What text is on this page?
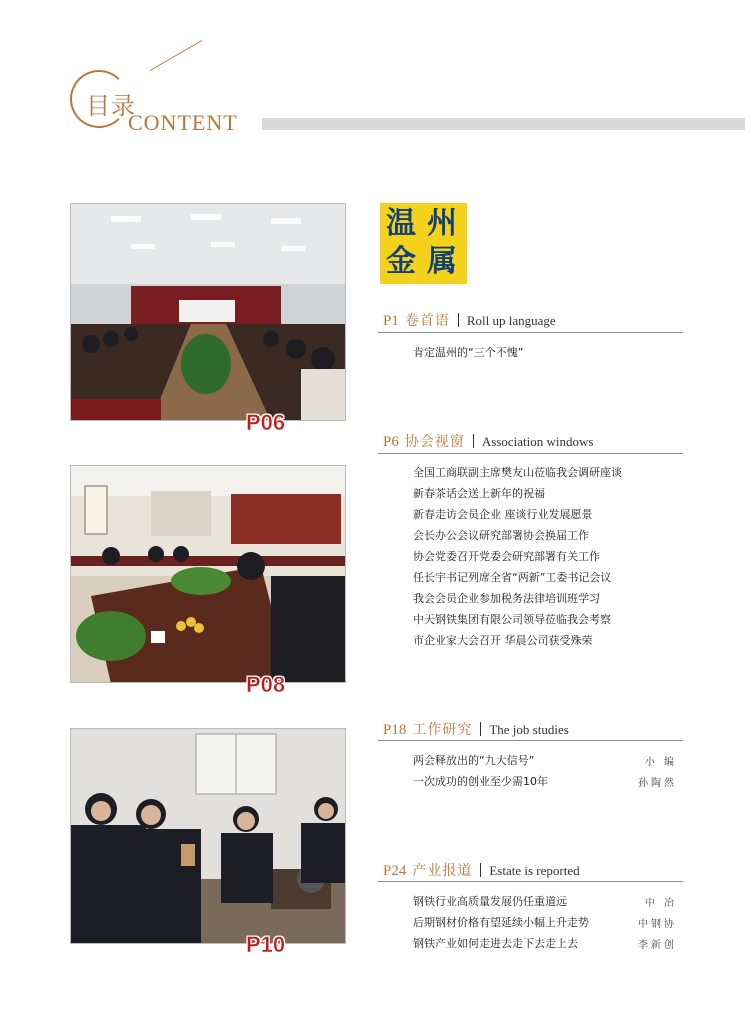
目录
CONTENT
P06
P08
P10
温 州
金 属
P1 卷首语 Roll up language
肯定温州的“三个不愧”
P6 协会视窗 Association windows
全国工商联副主席樊友山莅临我会调研座谈
新春茶话会送上新年的祝福
新春走访会员企业 座谈行业发展愿景
会长办公会议研究部署协会换届工作
协会党委召开党委会研究部署有关工作
任长宇书记列席全省“两新”工委书记会议
我会会员企业参加税务法律培训班学习
中天钢铁集团有限公司领导莅临我会考察
市企业家大会召开 华晨公司获受殊荣
P18 工作研究 The job studies
两会释放出的“九大信号”	小 编
一次成功的创业至少需10年	孙陶然
P24 产业报道 Estate is reported
钢铁行业高质量发展仍任重道远	中 冶
后期钢材价格有望延续小幅上升走势	中钢协
钢铁产业如何走进去走下去走上去	李新创
